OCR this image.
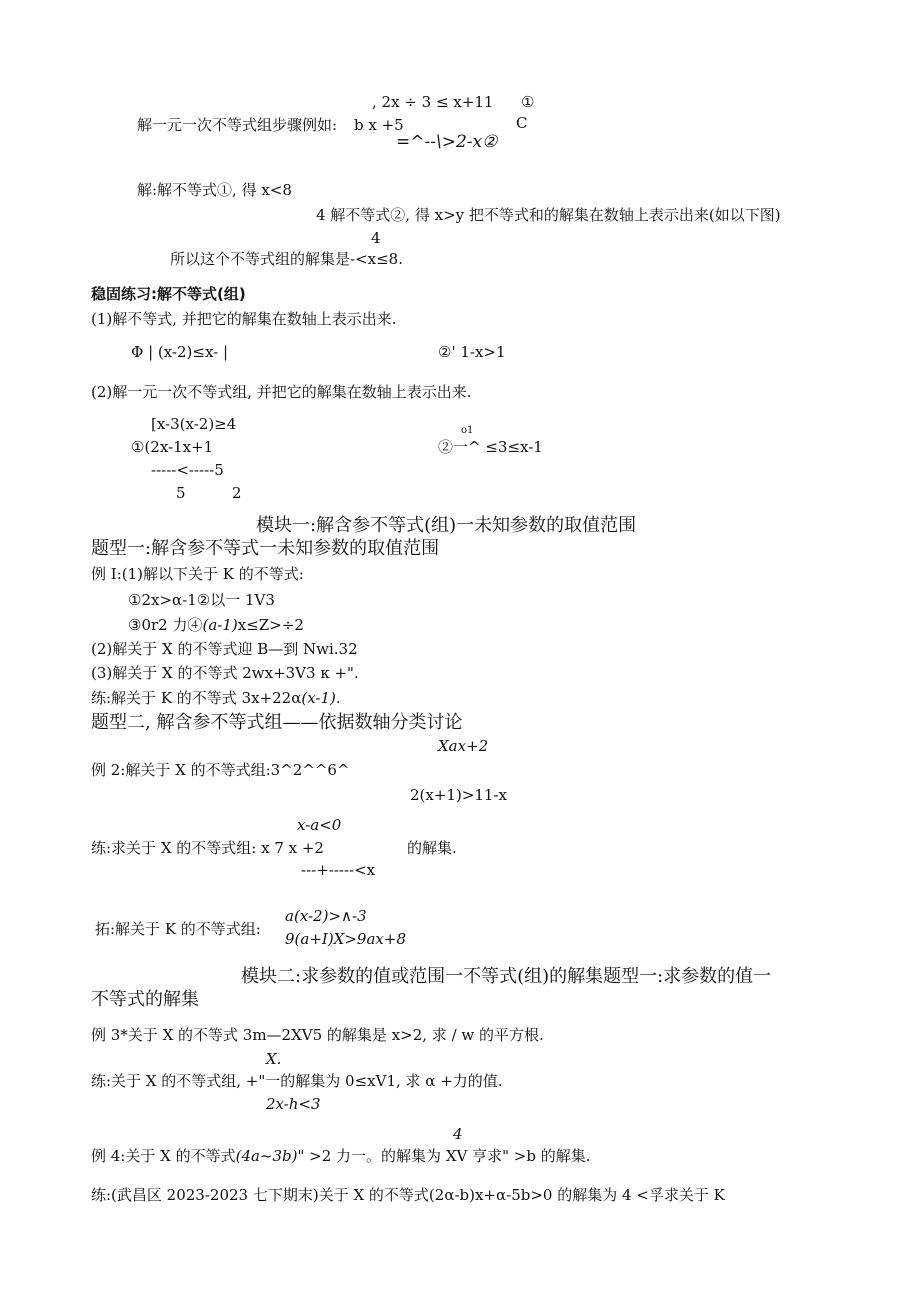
, 2x ÷ 3 ≤ x+11 ①
解一元一次不等式组步骤例如: b x +5	C
=^--\>2-x②
解:解不等式①, 得 x<8
4 解不等式②, 得 x>y 把不等式和的解集在数轴上表示出来(如以下图)
4
所以这个不等式组的解集是-<x≤8.
稳固练习:解不等式(组)
(1)解不等式, 并把它的解集在数轴上表示出来.
Φ | (x-2)≤x- |	②' 1-x>1
(2)解一元一次不等式组, 并把它的解集在数轴上表示出来.
[x-3(x-2)≥4
①(2x-1x+1
-----<-----5
5	2
o1
②一^ ≤3≤x-1
模块一:解含参不等式(组)一未知参数的取值范围
题型一:解含参不等式一未知参数的取值范围
例 I:(1)解以下关于 K 的不等式:
①2x>α-1②以一 1V3
③0r2 力④(a-1)x≤Z>÷2
(2)解关于 X 的不等式迎 B—到 Nwi.32
(3)解关于 X 的不等式 2wx+3V3 κ +".
练:解关于 K 的不等式 3x+22α(x-1).
题型二, 解含参不等式组——依据数轴分类讨论
Xax+2
例 2:解关于 X 的不等式组:3^2^^6^
2(x+1)>11-x
x-a<0
练:求关于 X 的不等式组: x 7 x +2	的解集.
---+-----<x
拓:解关于 K 的不等式组:
a(x-2)>∧-3
9(a+I)X>9ax+8
模块二:求参数的值或范围一不等式(组)的解集题型一:求参数的值一
不等式的解集
例 3*关于 X 的不等式 3m—2XV5 的解集是 x>2, 求 / w 的平方根.
X.
练:关于 X 的不等式组, +"一的解集为 0≤xV1, 求 α +力的值.
2x-h<3
4
例 4:关于 X 的不等式(4a~3b)" >2 力一。的解集为 XV 亨求" >b 的解集.
练:(武昌区 2023-2023 七下期末)关于 X 的不等式(2α-b)x+α-5b>0 的解集为 4 <孚求关于 K
